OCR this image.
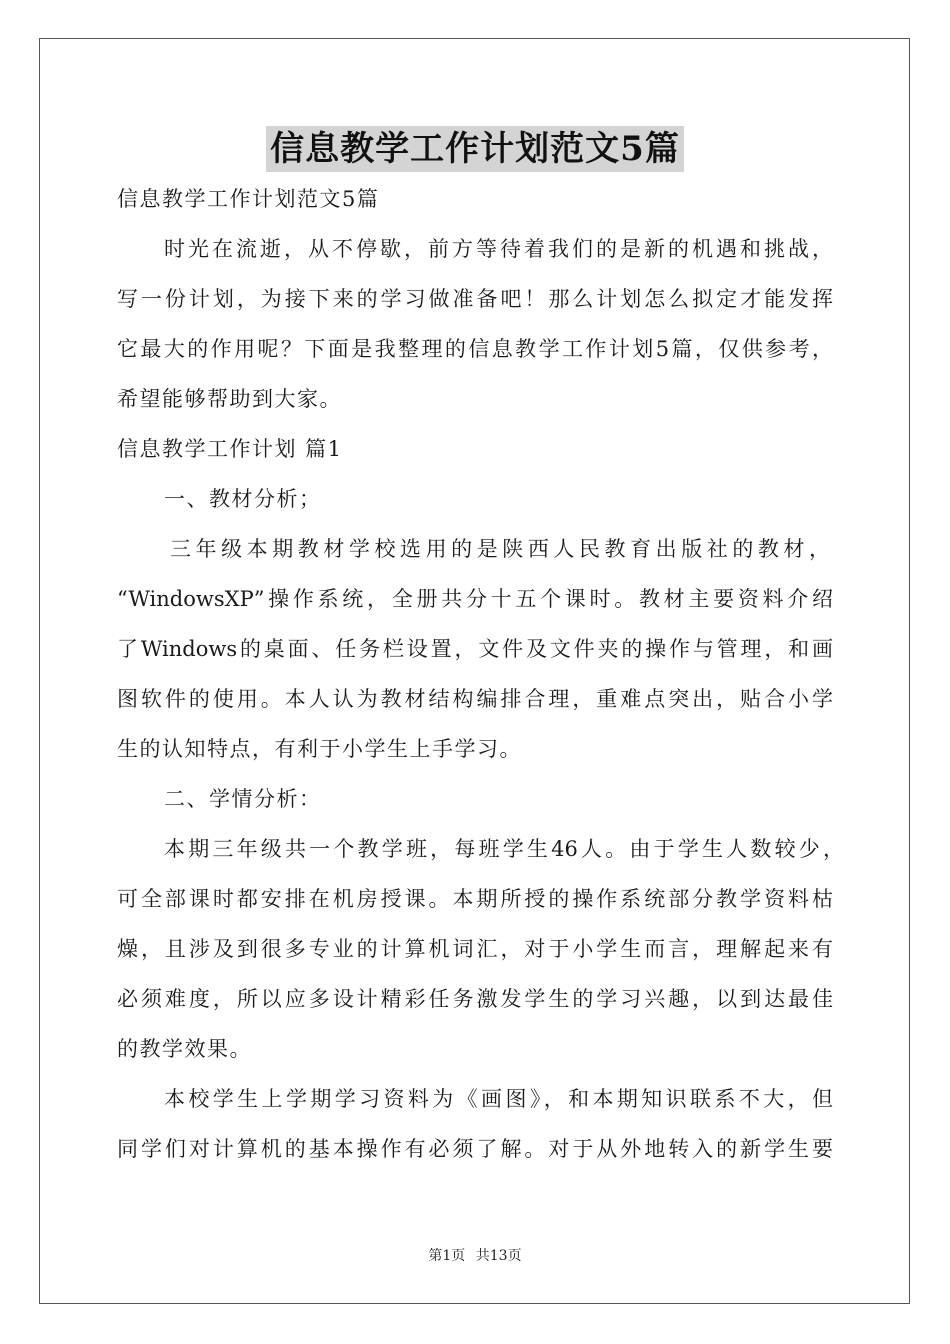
信息教学工作计划范文5篇
信息教学工作计划范文5篇
时光在流逝，从不停歇，前方等待着我们的是新的机遇和挑战，
写一份计划，为接下来的学习做准备吧！那么计划怎么拟定才能发挥
它最大的作用呢？下面是我整理的信息教学工作计划5篇，仅供参考，
希望能够帮助到大家。
信息教学工作计划 篇1
一、教材分析；
三年级本期教材学校选用的是陕西人民教育出版社的教材，
“WindowsXP”操作系统，全册共分十五个课时。教材主要资料介绍
了Windows的桌面、任务栏设置，文件及文件夹的操作与管理，和画
图软件的使用。本人认为教材结构编排合理，重难点突出，贴合小学
生的认知特点，有利于小学生上手学习。
二、学情分析：
本期三年级共一个教学班，每班学生46人。由于学生人数较少，
可全部课时都安排在机房授课。本期所授的操作系统部分教学资料枯
燥，且涉及到很多专业的计算机词汇，对于小学生而言，理解起来有
必须难度，所以应多设计精彩任务激发学生的学习兴趣，以到达最佳
的教学效果。
本校学生上学期学习资料为《画图》，和本期知识联系不大，但
同学们对计算机的基本操作有必须了解。对于从外地转入的新学生要
第1页 共13页
